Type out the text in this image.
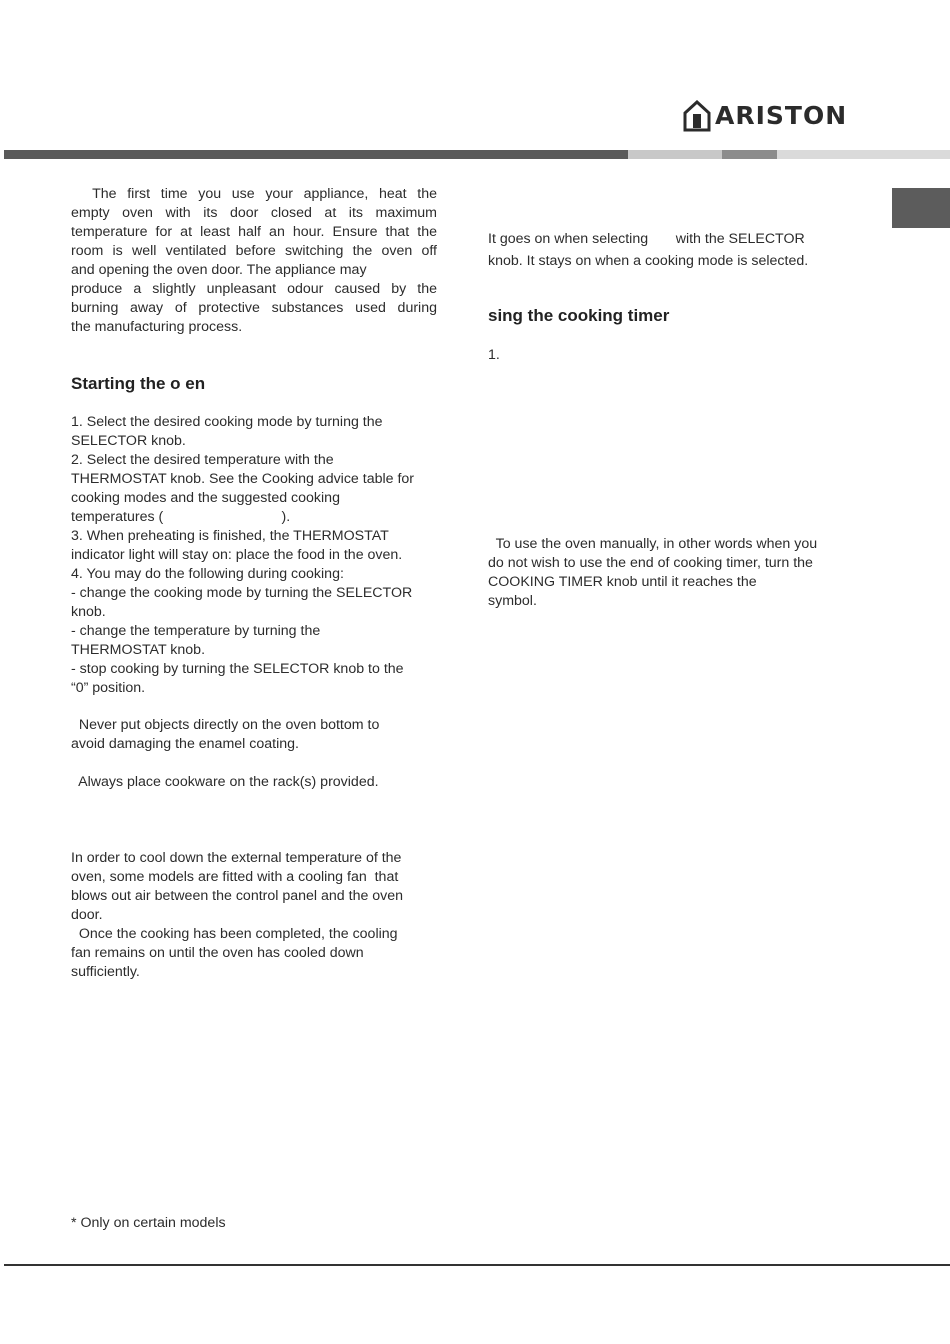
ARISTON
The first time you use your appliance, heat the
empty oven with its door closed at its maximum
temperature for at least half an hour. Ensure that the
room is well ventilated before switching the oven off
and opening the oven door. The appliance may
produce a slightly unpleasant odour caused by the
burning away of protective substances used during
the manufacturing process.
Starting the o en
1. Select the desired cooking mode by turning the
SELECTOR knob.
2. Select the desired temperature with the
THERMOSTAT knob. See the Cooking advice table for
cooking modes and the suggested cooking
temperatures (                              ).
3. When preheating is finished, the THERMOSTAT
indicator light will stay on: place the food in the oven.
4. You may do the following during cooking:
- change the cooking mode by turning the SELECTOR
knob.
- change the temperature by turning the
THERMOSTAT knob.
- stop cooking by turning the SELECTOR knob to the
“0” position.
Never put objects directly on the oven bottom to
avoid damaging the enamel coating.
Always place cookware on the rack(s) provided.
In order to cool down the external temperature of the
oven, some models are fitted with a cooling fan  that
blows out air between the control panel and the oven
door.
Once the cooking has been completed, the cooling
fan remains on until the oven has cooled down
sufficiently.
* Only on certain models
It goes on when selecting       with the SELECTOR
knob. It stays on when a cooking mode is selected.
sing the cooking timer
1.
To use the oven manually, in other words when you
do not wish to use the end of cooking timer, turn the
COOKING TIMER knob until it reaches the
symbol.
